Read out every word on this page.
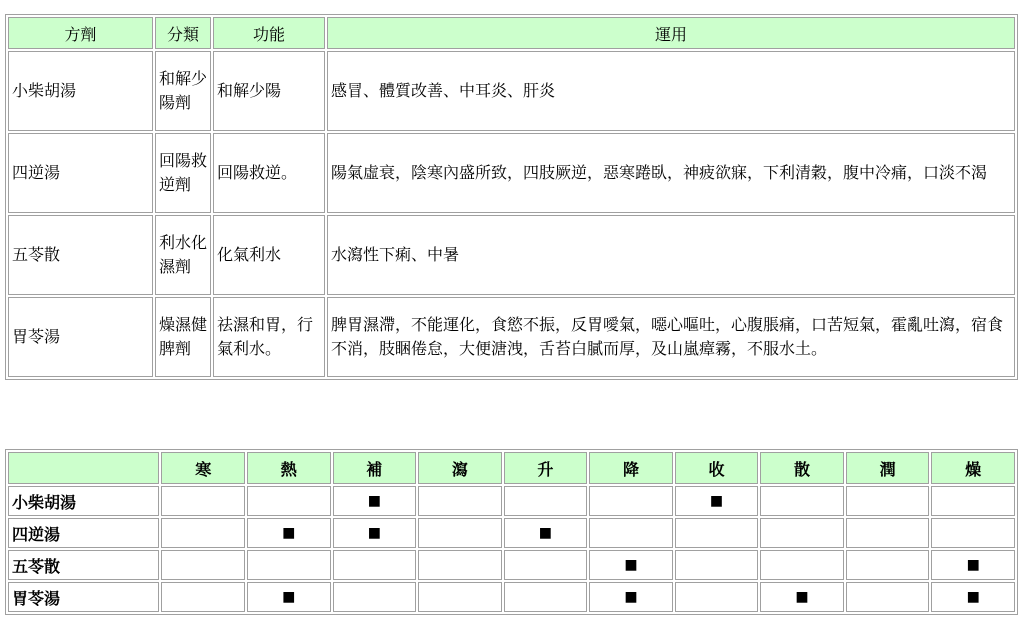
方劑	分類	功能	運用
小柴胡湯	和解少陽劑	和解少陽	感冒、體質改善、中耳炎、肝炎
四逆湯	回陽救逆劑	回陽救逆。	陽氣虛衰，陰寒內盛所致，四肢厥逆，惡寒踡臥，神疲欲寐，下利清穀，腹中冷痛，口淡不渴
五苓散	利水化濕劑	化氣利水	水瀉性下痢、中暑
胃苓湯	燥濕健脾劑	祛濕和胃，行氣利水。	脾胃濕滯，不能運化，食慾不振，反胃噯氣，噁心嘔吐，心腹脹痛，口苦短氣，霍亂吐瀉，宿食不消，肢睏倦怠，大便溏洩，舌苔白膩而厚，及山嵐瘴霧，不服水土。
	寒	熱	補	瀉	升	降	收	散	潤	燥
小柴胡湯			■				■			
四逆湯		■	■		■					
五苓散						■				■
胃苓湯		■				■		■		■
